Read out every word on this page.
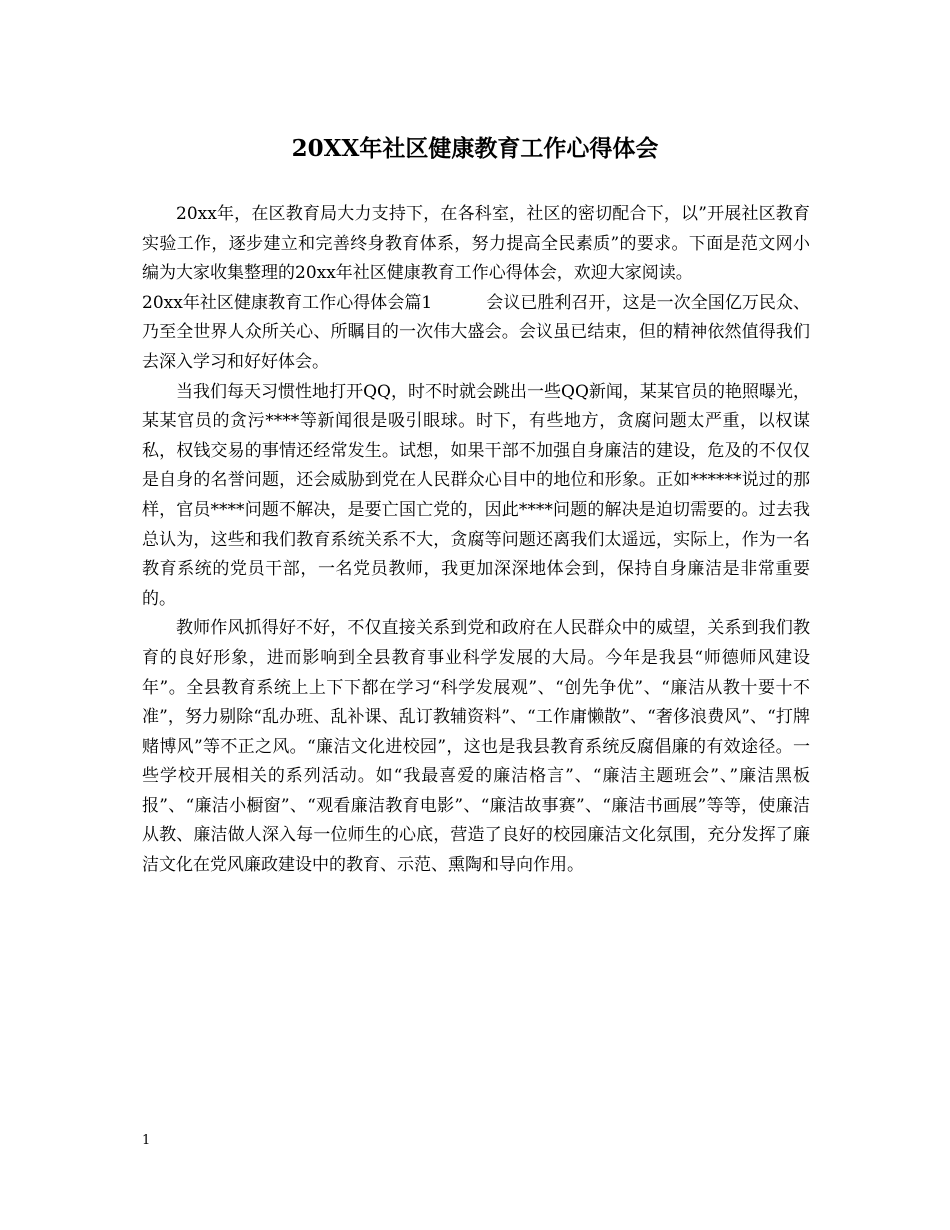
20XX年社区健康教育工作心得体会

20xx年，在区教育局大力支持下，在各科室，社区的密切配合下，以”开展社区教育实验工作，逐步建立和完善终身教育体系，努力提高全民素质”的要求。下面是范文网小编为大家收集整理的20xx年社区健康教育工作心得体会，欢迎大家阅读。

20xx年社区健康教育工作心得体会篇1	会议已胜利召开，这是一次全国亿万民众、乃至全世界人众所关心、所瞩目的一次伟大盛会。会议虽已结束，但的精神依然值得我们去深入学习和好好体会。

当我们每天习惯性地打开QQ，时不时就会跳出一些QQ新闻，某某官员的艳照曝光，某某官员的贪污****等新闻很是吸引眼球。时下，有些地方，贪腐问题太严重，以权谋私，权钱交易的事情还经常发生。试想，如果干部不加强自身廉洁的建设，危及的不仅仅是自身的名誉问题，还会威胁到党在人民群众心目中的地位和形象。正如******说过的那样，官员****问题不解决，是要亡国亡党的，因此****问题的解决是迫切需要的。过去我总认为，这些和我们教育系统关系不大，贪腐等问题还离我们太遥远，实际上，作为一名教育系统的党员干部，一名党员教师，我更加深深地体会到，保持自身廉洁是非常重要的。

教师作风抓得好不好，不仅直接关系到党和政府在人民群众中的威望，关系到我们教育的良好形象，进而影响到全县教育事业科学发展的大局。今年是我县“师德师风建设年”。全县教育系统上上下下都在学习“科学发展观”、“创先争优”、“廉洁从教十要十不准”，努力剔除“乱办班、乱补课、乱订教辅资料”、“工作庸懒散”、“奢侈浪费风”、“打牌赌博风”等不正之风。“廉洁文化进校园”，这也是我县教育系统反腐倡廉的有效途径。一些学校开展相关的系列活动。如“我最喜爱的廉洁格言”、“廉洁主题班会”、”廉洁黑板报”、“廉洁小橱窗”、“观看廉洁教育电影”、“廉洁故事赛”、“廉洁书画展”等等，使廉洁从教、廉洁做人深入每一位师生的心底，营造了良好的校园廉洁文化氛围，充分发挥了廉洁文化在党风廉政建设中的教育、示范、熏陶和导向作用。

1
